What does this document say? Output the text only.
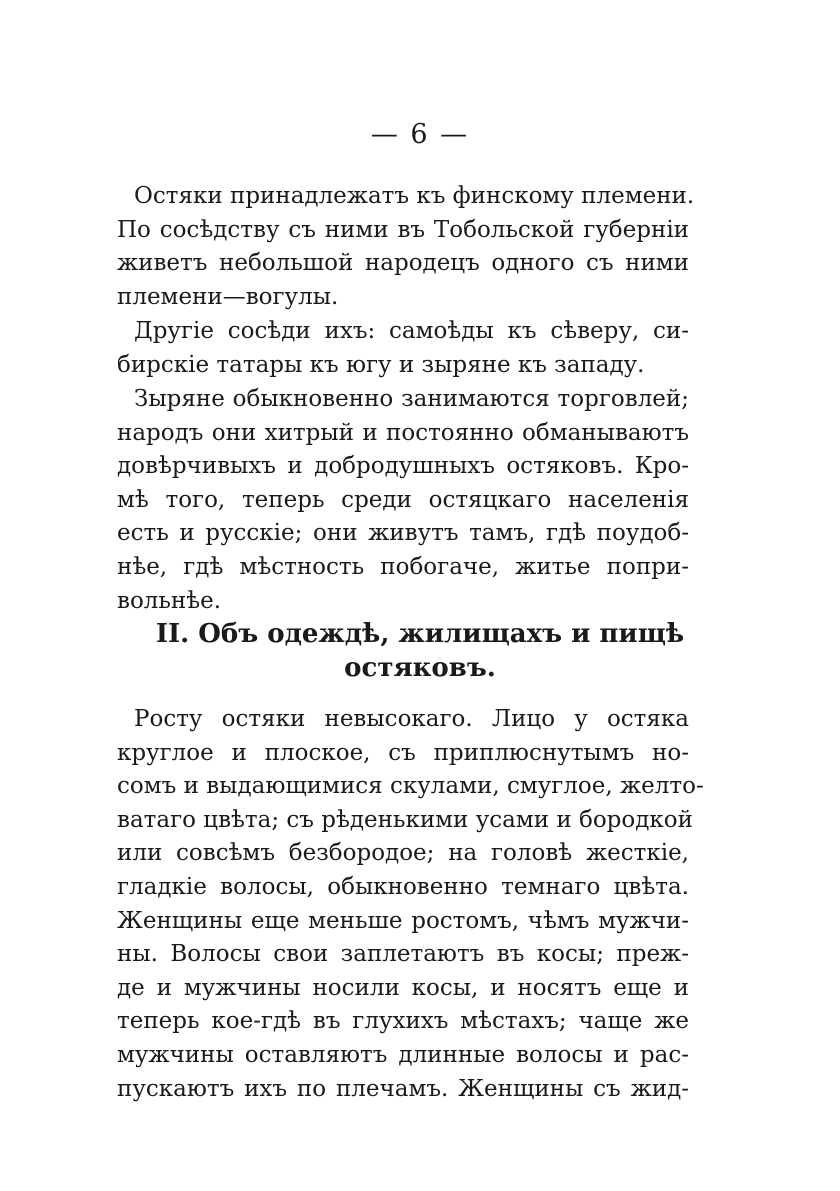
— 6 —
Остяки принадлежатъ къ финскому племени.
По сосѣдству съ ними въ Тобольской губерніи
живетъ небольшой народецъ одного съ ними
племени—вогулы.
Другіе сосѣди ихъ: самоѣды къ сѣверу, си-
бирскіе татары къ югу и зыряне къ западу.
Зыряне обыкновенно занимаются торговлей;
народъ они хитрый и постоянно обманываютъ
довѣрчивыхъ и добродушныхъ остяковъ. Кро-
мѣ того, теперь среди остяцкаго населенія
есть и русскіе; они живутъ тамъ, гдѣ поудоб-
нѣе, гдѣ мѣстность побогаче, житье попри-
вольнѣе.
II. Объ одеждѣ, жилищахъ и пищѣ
остяковъ.
Росту остяки невысокаго. Лицо у остяка
круглое и плоское, съ приплюснутымъ но-
сомъ и выдающимися скулами, смуглое, желто-
ватаго цвѣта; съ рѣденькими усами и бородкой
или совсѣмъ безбородое; на головѣ жесткіе,
гладкіе волосы, обыкновенно темнаго цвѣта.
Женщины еще меньше ростомъ, чѣмъ мужчи-
ны. Волосы свои заплетаютъ въ косы; преж-
де и мужчины носили косы, и носятъ еще и
теперь кое-гдѣ въ глухихъ мѣстахъ; чаще же
мужчины оставляютъ длинные волосы и рас-
пускаютъ ихъ по плечамъ. Женщины съ жид-
